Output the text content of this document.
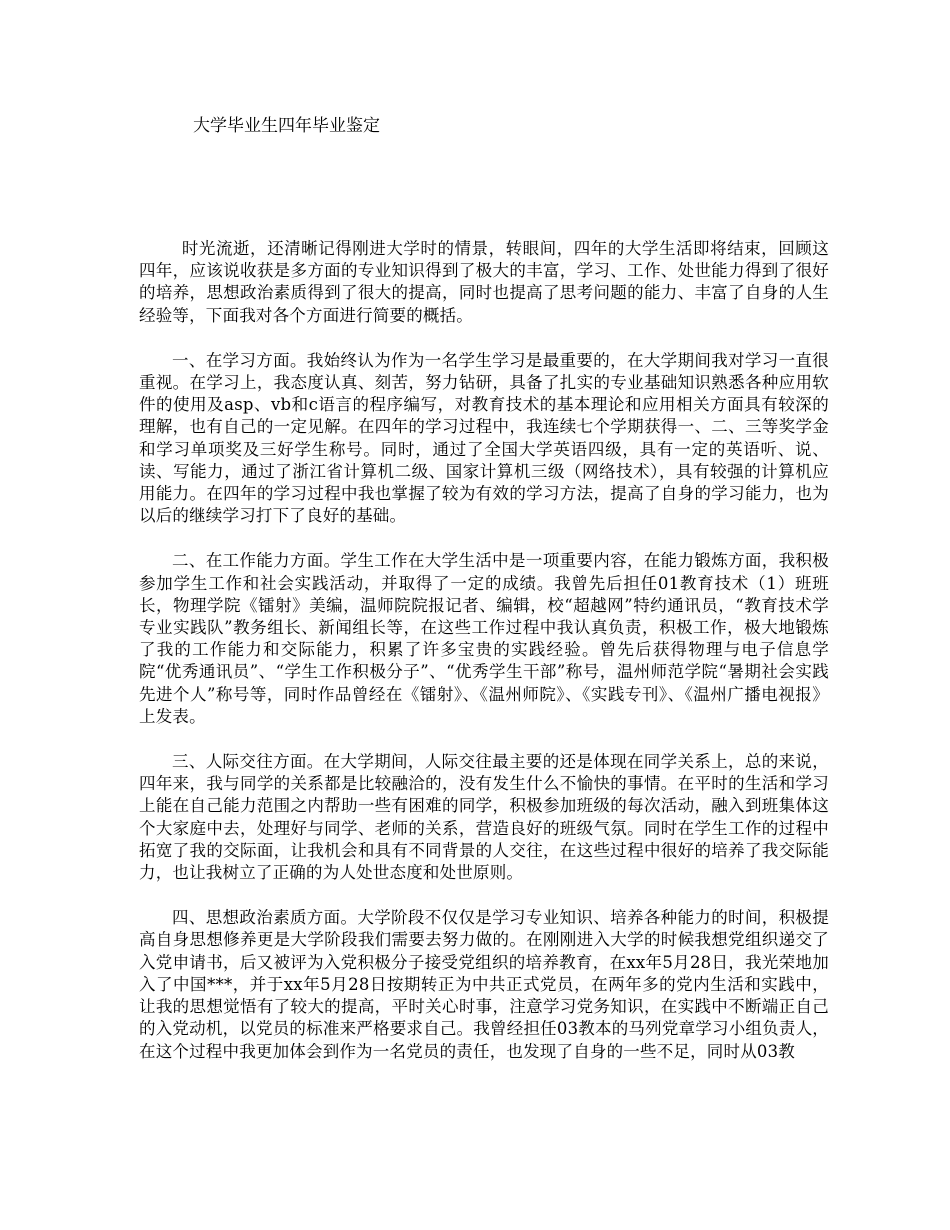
大学毕业生四年毕业鉴定

时光流逝，还清晰记得刚进大学时的情景，转眼间，四年的大学生活即将结束，回顾这四年，应该说收获是多方面的专业知识得到了极大的丰富，学习、工作、处世能力得到了很好的培养，思想政治素质得到了很大的提高，同时也提高了思考问题的能力、丰富了自身的人生经验等，下面我对各个方面进行简要的概括。

一、在学习方面。我始终认为作为一名学生学习是最重要的，在大学期间我对学习一直很重视。在学习上，我态度认真、刻苦，努力钻研，具备了扎实的专业基础知识熟悉各种应用软件的使用及asp、vb和c语言的程序编写，对教育技术的基本理论和应用相关方面具有较深的理解，也有自己的一定见解。在四年的学习过程中，我连续七个学期获得一、二、三等奖学金和学习单项奖及三好学生称号。同时，通过了全国大学英语四级，具有一定的英语听、说、读、写能力，通过了浙江省计算机二级、国家计算机三级（网络技术），具有较强的计算机应用能力。在四年的学习过程中我也掌握了较为有效的学习方法，提高了自身的学习能力，也为以后的继续学习打下了良好的基础。

二、在工作能力方面。学生工作在大学生活中是一项重要内容，在能力锻炼方面，我积极参加学生工作和社会实践活动，并取得了一定的成绩。我曾先后担任01教育技术（1）班班长，物理学院《镭射》美编，温师院院报记者、编辑，校“超越网”特约通讯员，“教育技术学专业实践队”教务组长、新闻组长等，在这些工作过程中我认真负责，积极工作，极大地锻炼了我的工作能力和交际能力，积累了许多宝贵的实践经验。曾先后获得物理与电子信息学院“优秀通讯员”、“学生工作积极分子”、“优秀学生干部”称号，温州师范学院“暑期社会实践先进个人”称号等，同时作品曾经在《镭射》、《温州师院》、《实践专刊》、《温州广播电视报》上发表。

三、人际交往方面。在大学期间，人际交往最主要的还是体现在同学关系上，总的来说，四年来，我与同学的关系都是比较融洽的，没有发生什么不愉快的事情。在平时的生活和学习上能在自己能力范围之内帮助一些有困难的同学，积极参加班级的每次活动，融入到班集体这个大家庭中去，处理好与同学、老师的关系，营造良好的班级气氛。同时在学生工作的过程中拓宽了我的交际面，让我机会和具有不同背景的人交往，在这些过程中很好的培养了我交际能力，也让我树立了正确的为人处世态度和处世原则。

四、思想政治素质方面。大学阶段不仅仅是学习专业知识、培养各种能力的时间，积极提高自身思想修养更是大学阶段我们需要去努力做的。在刚刚进入大学的时候我想党组织递交了入党申请书，后又被评为入党积极分子接受党组织的培养教育，在xx年5月28日，我光荣地加入了中国***，并于xx年5月28日按期转正为中共正式党员，在两年多的党内生活和实践中，让我的思想觉悟有了较大的提高，平时关心时事，注意学习党务知识，在实践中不断端正自己的入党动机，以党员的标准来严格要求自己。我曾经担任03教本的马列党章学习小组负责人，在这个过程中我更加体会到作为一名党员的责任，也发现了自身的一些不足，同时从03教
